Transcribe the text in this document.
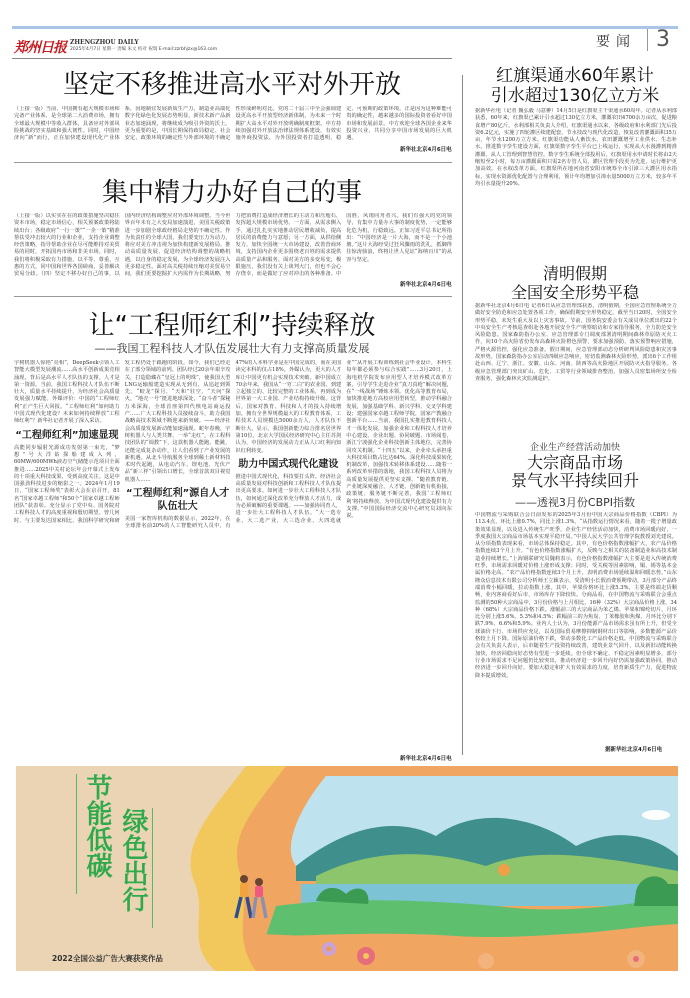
郑州日报 ZHENGZHOU DAILY
2025年4月7日 星期一 责编 朱文 校对 祝瑞 E-mail:zzrbhjzx@163.com	要闻 3
坚定不移推进高水平对外开放
（上接一版）当前，中国拥有超大规模市场和完备产业体系，是全球第二大消费市场，拥有全球最大规模中等收入群体，具备应对外部风险挑战的坚实基础和强大韧性。同时，中国经济向“新”而行，正在加快建设现代化产业体系，因地制宜发展新质生产力，制造业高端化数字化绿色化发展态势明显，新技术新产品新业态加速涌现，将继续成为吸引外资的沃土。更为重要的是，中国长期保持政局稳定、社会安定，政策环境的确定性与外部环境的不确定性形成鲜明对比。党的二十届三中全会强调建设更高水平开放型经济新体制，为未来一个时期扩大高水平对外开放明确制度框架。中方持续加强对外开放法治律法规体系建设，有效实施外商投资法，为外国投资者打造透明、稳定、可预期的政策环境。正是因为这种难能可贵的确定性，越来越多的国际投资者看好中国市场和发展前景。中方欢迎全球各国企业来华投资兴业，共同分享中国市场发展的巨大机遇。
新华社北京4月6日电
集中精力办好自己的事
（上接一版）以实实在在的政策措施坚决稳住资本市场，稳定市场信心，相关预案政策将陆续出台；各级政府“一行一策”“一企一策”精准帮扶受冲击较大的行业和企业，支持企业调整经营策略，指导帮助企业在尽可能维持对美贸易的同时，开拓国内市场和非美市场。同时，我们将积极采取有力措施，以平等、尊重、互惠的方式，同中国和世界各国磋商，妥善解决贸易分歧。（四）坚定不移办好自己的事，以国内经济结构调整应对外部环境调整。当今世界百年未有之大变局加速演进，美国关税政策进一步加剧全球政经格局走势的不确定性。作为负责任的全球大国，我们要变压力为动力，将应对美方冲击视为加快构建新发展格局、推动高质量发展、促进经济结构调整的战略机遇，以自身的稳定发展，为全球经济发展注入更多稳定性。面对高关税持续压缩对美贸易空间，我们更要挖掘扩大内需作为长期战略，努力把消费打造成经济增长的主动力和压舱石，发挥超大规模市场优势。一方面，从需求侧入手，通过扎扎实实地推动居民增收减负，提高居民的消费能力与意愿；另一方面，从供给侧发力，加快全国统一大市场建设，改善营商环境，支持国内企业更多围绕老百姓的需求提供高质量产品和服务。面对美方的多变易变，极限施压，我们没有关上谈判大门，但也不会心存侥幸，而是做好了应对冲击的各种准备。中国胜，风雨同舟者兴。我们有强大的党的领导，有集中力量办大事的制度优势，一定能够化危为机，行稳致远。正如习近平总书记所指出：“中国经济是一片大海，而不是一个小池塘。”这片大海经受过狂风骤雨的洗礼，抵御得住惊涛骇浪，终将让世人见证“海纳百川”的从容与坚定。
新华社北京4月6日电
让“工程师红利”持续释放
——我国工程科技人才队伍发展壮大有力支撑高质量发展
宇树机器人惊艳“亮相”，DeepSeek引领人工智能大模型发展潮流……高水平创新成果竞相涌现，背后是高水平人才队伍的支撑。人才是第一资源。当前，我国工程科技人才队伍不断壮大，质量水平持续提升，为经济社会高质量发展强力赋能。外媒评价：中国的“工程师红利”正产生巨大回报。“工程师红利”如何助力中国式现代化建设？未来如何持续释放“工程师红利”？新华社记者开展了深入采访。
“工程师红利”加速显现
高能同步辐射光源成功发射第一束光，“梦想”号大洋钻探船建成入列，60MW/600MWh液态空气储能示范项目全面推进……2025中关村论坛年会开幕式上发布的十项重大科技成果，受到高度关注。这是中国强劲科技进步的缩影之一。2024年1月19日，“国家工程师奖”表彰大会在京召开，81名“国家卓越工程师”和50个“国家卓越工程师团队”获表彰。充分显示了党中央、国务院对工程科技人才的高度重视和殷切期望。曾几何时，与主要发达国家相比，我国科学研究和研发工程仍处于跟跑的阶段。如今，我们已经走在了部分领域的前列。团队经过20余年艰辛攻关，打造隐藏在“皇冠上的明珠”，使我国大型LNG运输船建造实现从无到有，从追赶到领先。“蛟龙”探月，“天和”驻空，“天问”探火，“地壳一号”挺进地球深处，“奋斗者”探秘万米深海，全球首座第四代核电站商运投产……广大工程科技人员接续奋斗，助力我国战略高技术领域不断迎来新突破。——经济社会高质量发展新动能加速涌现。蛇年春晚，宇树机器人与人类共舞，一举“走红”。在工程科技团队的“调教”下，这款机器人能跑、能跳，还能完成复杂动作，让人们看到了产业发展的新机遇。从北斗导航服务全球到稀土新材料技术时代起跑，从电动汽车、锂电池、光伏产品“新三样”引领出口增长，全球首款双目视觉机器人……
“工程师红利”源自人才队伍壮大
美国一家智库机构的数据显示，2022年，在全球排名前20%的人工智能研究人员中，有47%的人本科学业是在中国完成的，而在美国读完本科的仅占18%。外媒认为，更大的人才库让中国更有机会实现技术突破。新中国成立70余年来，我国从“一穷二白”的农业国，到建立起独立的、比较完整的工业体系，再到成为世界第一大工业国、产业结构持续升级。这背后，国家对教育、科技和人才的投入持续增加。拥有全世界规模最大的工程教育体系，工程技术人员规模达5000余万人，人才队伍不断壮大。显示，我国创新能力综合排名居世界第10位。北京大学国民经济研究中心主任苏剑认为，中国经济的发展动力正从人口红利向知识红利转变。
助力中国式现代化建设
推进中国式现代化，科技要打头阵。经济社会高质量发展对科技创新和工程科技人才队伍提出更高要求。如何进一步壮大工程科技人才队伍，如何通过深化改革充分释放人才活力，成为必须破解的重要课题。——加强协同育人，进一步壮大工程科技人才队伍。“大一选专业，大二选产业，大三选企业，大四选就业”“从开展工程训练到社会毕业设计，本科生每年都必须参与综合实践”……3月20日，上海电机学院发布应用型人才培养模式改革方案，引导学生走进企业“真刀真枪”解决问题，在“一线战场”锤炼本领。优化高等教育布局，加快推进地方高校应用型转型，推动学科融合发展，加强基础学科、新兴学科、交叉学科建设；建强国家卓越工程师学院，国家产教融合创新平台……当前，我国扎实推进教育科技人才一体化发展，加强企业和工程科技人才培养中心建设。企业出题、协同破题、市场阅卷，浙江宁波强化企业科技创新主体地位，完善协同攻关机制。“十四五”以来，企业牵头承担重大科技项目数占比达64%。深化科技成果转化机制改革，加强技术转移体系建设……随着一系列改革举措的落地，我国工程科技人员将为高质量发展提供更坚实支撑。“随着教育链、产业链深度融合，人才链、创新链有机衔接，政策链、服务链不断完善，我国‘工程师红利’将持续释放，为中国式现代化建设提供有力支撑。”中国国际经济交流中心研究员刘向东说。
新华社北京4月6日电
红旗渠通水60年累计
引水超过130亿立方米
据新华社电（记者 魏弘毅 马意翀）14月5日是红旗渠主干渠通水60周年。记者从水利部获悉，60年来，红旗渠已累计引水超过130亿立方米，灌溉农田4700余万亩次，促进粮食增产80亿斤。水利部相关负责人介绍，红旗渠通水以来，各级政府和水利部门先后投资6.2亿元，实施了四轮灌区续建配套、节水技改与现代化改造，恢复改善灌溉面积35万亩，年节水1200万立方米。红旗渠功能从人畜饮水、农田灌溉增至工业供水、生态补水。推进数字孪生建设方面，红旗渠数字孪生平台已上线运行，实现从大水漫灌到精准灌溉、从人工管理到智慧管控。数字孪生系统全部投用后，红旗渠用水申请时长将由2天缩短至2小时，每万亩灌溉面积只需2名专管人员，灌区管理手段更为先进，运行维护更加高效。在水权改革方面，红旗渠所在地河南省安阳市统筹全市引漳三大灌区用水指标，实现水资源优化配置与合理利用，预计年均增加引漳水量5000万立方米，较多年平均引水量提升20%。
清明假期
全国安全形势平稳
据新华社北京4月6日电 记者6日从应急管理部获悉，清明假期，全国应急管理系统全力做好安全防范和应急处置各项工作，确保假期安全形势稳定。截至当日20时，全国安全形势平稳，未发生重大及以上灾害事故。节前，国务院安委会有关成员单位派出的22个中央安全生产考核巡查组赴各地开展安全生产明察暗访和专家指导服务，全力防范安全风险隐患。国家森防指办公室、应急管理部专门调度部署清明期间森林草原防灭火工作，向10个高火险省份发布高森林火险橙色预警，要求加强预防，落实预警响应措施，严格火源管控，强化应急准备。假日期间，应急管理部动态分析研判风险隐患和灾害事故形势。国家森防指办公室启动四级应急响应，密切监测森林火险形势，派出6个工作组赴山西、辽宁、浙江、安徽、山东、河南、陕西等高火险地区开展防灭火指导服务。各级应急管理部门突出矿山、危化、工贸等行业领域排查整治，加强人员密集场所安全检查服务，强化森林火灾监测巡护。
企业生产经营活动加快
大宗商品市场
景气水平持续回升
——透视3月份CBPI指数
中国物流与采购联合会日前发布的2025年3月份中国大宗商品价格指数（CBPI）为113.4点，环比上涨0.7%，同比上涨1.3%。“从指数运行情况来看，随着一揽子增量政策效果显现，以及进入传统生产旺季，企业生产经营活动加快，消费市场回暖向好，一季度我国大宗商品市场基本实现平稳开局。”中国人民大学公共管理学院教授刘光建说。从分项指数表现来看，市场总体保持稳定。其中，有色价格指数涨幅扩大，农产品价格指数连续3个月上升。“有色价格指数涨幅扩大，反映与之相关的装备制造业和高技术制造业持续增长。”上海钢联研究员魏莉表示，有色价格指数涨幅扩大主要是进入传统消费旺季，市场需求回暖对价格上涨形成支撑；同时，受关税等因素影响，铜、锡等基本金属价格走高。“农产品价格指数连续3个月上升，表明消费市场延续温和回暖态势。”山东隆众信息技术有限公司分析师王立颖表示，受清明小长假消费预期带动，3月部分产品终端消费小幅回暖，拉动指数上涨。其中，苹果价格环比上涨5.3%，主要是终端走货顺畅，业内客商看好后市，市场库存下降较快。分商品看，在中国物流与采购联合会重点监测的50种大宗商品中，3月份价格与上月相比，16种（32%）大宗商品价格上涨，34种（68%）大宗商品价格下跌。涨幅前三的大宗商品为苯乙烯、苹果和锦纶切片，月环比分别上涨5.6%、5.3%和4.5%；跌幅前三的为焦炭、丁苯橡胶和焦煤，月环比分别下跌7.9%、6.6%和5.9%。业内人士认为，3月份能源产品市场需求虽有所上升，但受全球油价下行、市场供应充足，以及国际贸易摩擦抑制钢材出口等影响，多数能源产品价格较上月下降。国际原油价格下跌，带动多数化工产品价格走低。中国物流与采购联合会有关负责人表示，后市随着生产投资持续改善，建筑业景气回升，以及新旧动能转换加快，经济回稳向好态势有望进一步延续。但全球不确定、不稳定因素明显增多，部分行业市场需求不足问题仍比较突出，推动经济进一步回升向好仍需加强政策协同，推动经济进一步回升向好。要加大稳定和扩大有效需求的力度，培育新质生产力，促进物流降本提质增效。
据新华社北京4月6日电
节能低碳 绿色出行
2022全国公益广告大赛获奖作品
